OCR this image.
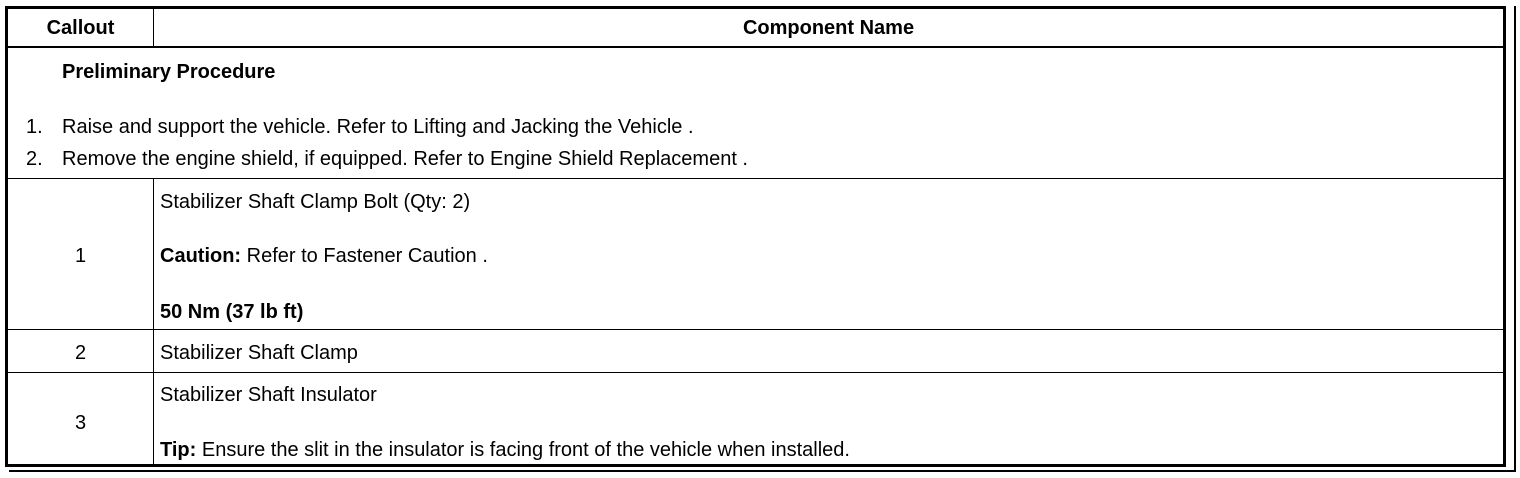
Callout	Component Name
Preliminary Procedure
1. Raise and support the vehicle. Refer to Lifting and Jacking the Vehicle .
2. Remove the engine shield, if equipped. Refer to Engine Shield Replacement .
1
Stabilizer Shaft Clamp Bolt (Qty: 2)
Caution: Refer to Fastener Caution .
50 Nm (37 lb ft)
2	Stabilizer Shaft Clamp
3
Stabilizer Shaft Insulator
Tip: Ensure the slit in the insulator is facing front of the vehicle when installed.
